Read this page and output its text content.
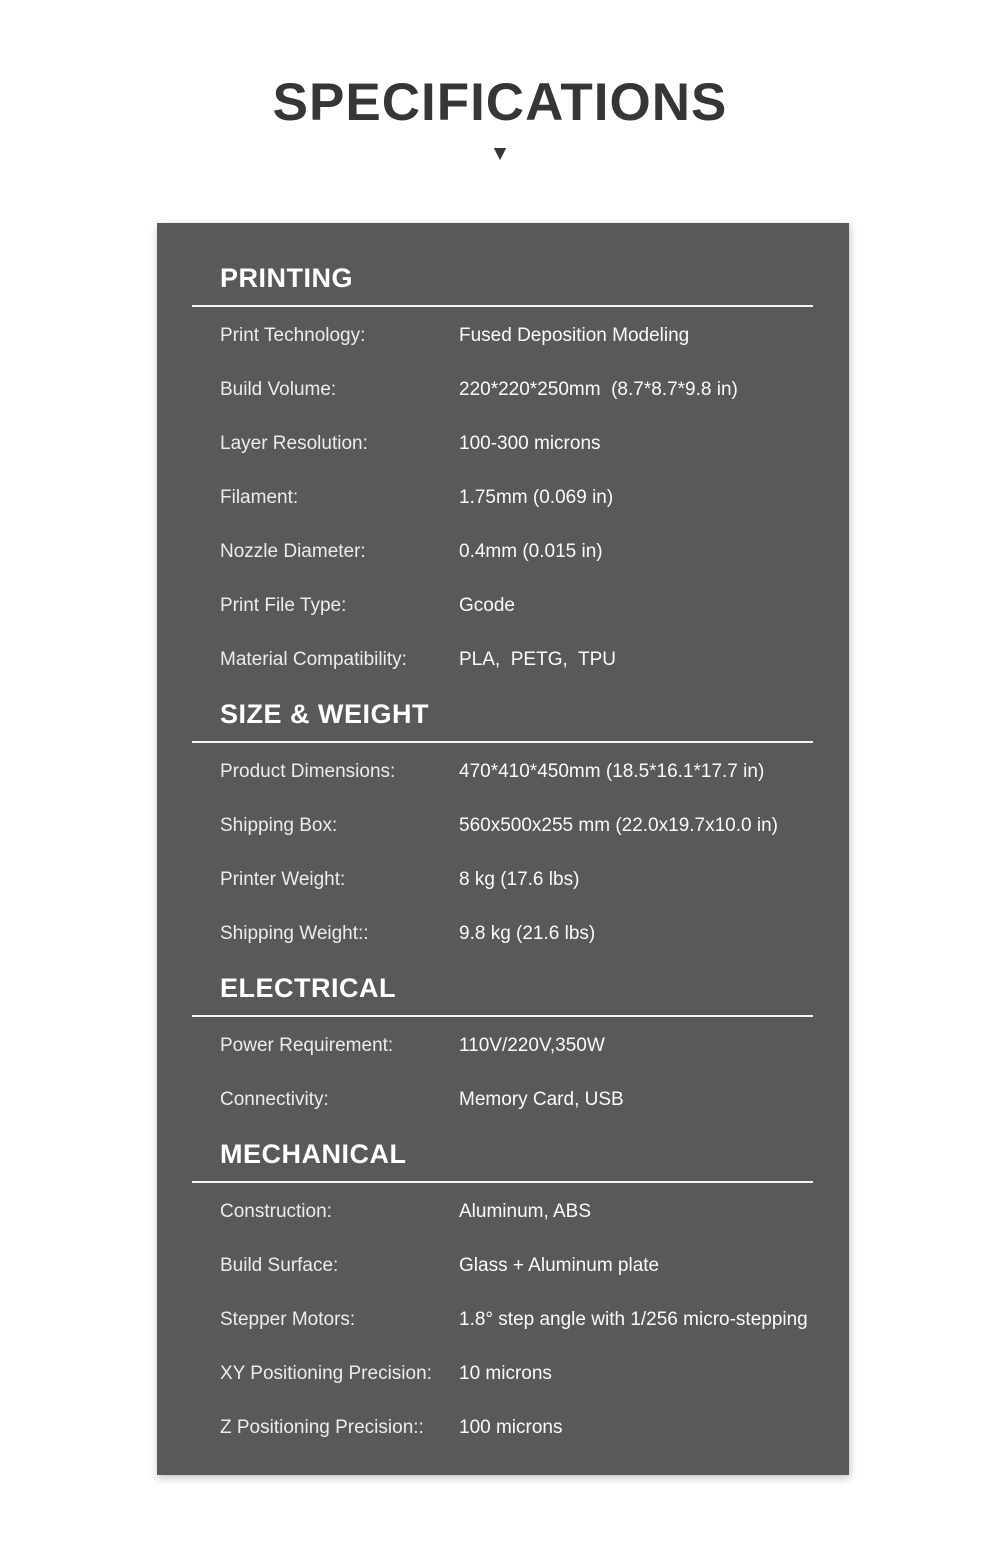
SPECIFICATIONS
▼
PRINTING
Print Technology:	Fused Deposition Modeling
Build Volume:	220*220*250mm  (8.7*8.7*9.8 in)
Layer Resolution:	100-300 microns
Filament:	1.75mm (0.069 in)
Nozzle Diameter:	0.4mm (0.015 in)
Print File Type:	Gcode
Material Compatibility:	PLA,  PETG,  TPU
SIZE & WEIGHT
Product Dimensions:	470*410*450mm (18.5*16.1*17.7 in)
Shipping Box:	560x500x255 mm (22.0x19.7x10.0 in)
Printer Weight:	8 kg (17.6 lbs)
Shipping Weight::	9.8 kg (21.6 lbs)
ELECTRICAL
Power Requirement:	110V/220V,350W
Connectivity:	Memory Card, USB
MECHANICAL
Construction:	Aluminum, ABS
Build Surface:	Glass + Aluminum plate
Stepper Motors:	1.8° step angle with 1/256 micro-stepping
XY Positioning Precision:	10 microns
Z Positioning Precision::	100 microns
